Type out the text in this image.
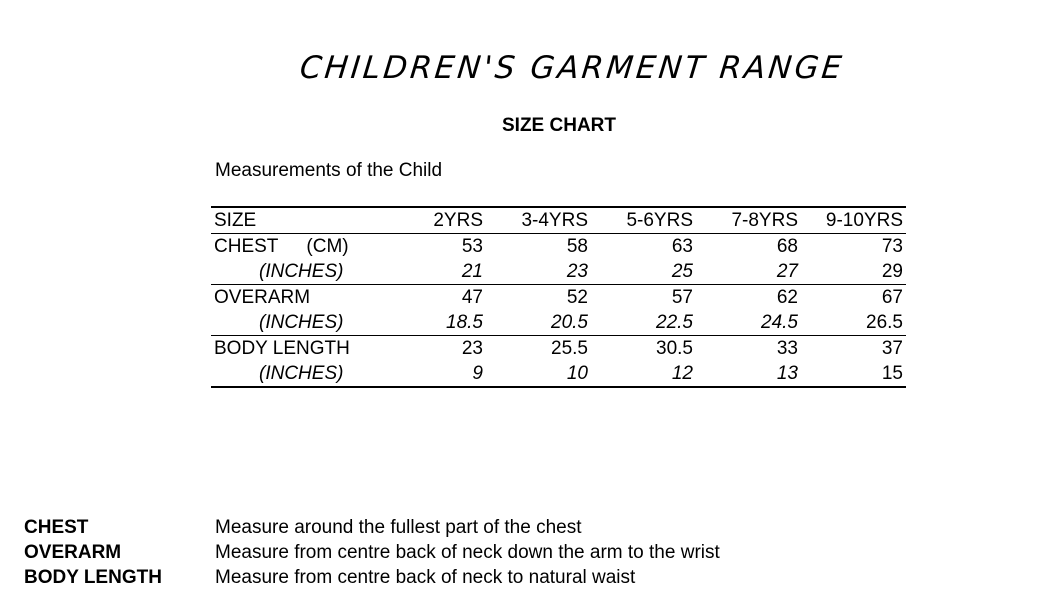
CHILDREN'S GARMENT RANGE
SIZE CHART
Measurements of the Child
SIZE	2YRS	3-4YRS	5-6YRS	7-8YRS	9-10YRS
CHEST (CM)	53	58	63	68	73
(INCHES)	21	23	25	27	29
OVERARM	47	52	57	62	67
(INCHES)	18.5	20.5	22.5	24.5	26.5
BODY LENGTH	23	25.5	30.5	33	37
(INCHES)	9	10	12	13	15
CHEST	Measure around the fullest part of the chest
OVERARM	Measure from centre back of neck down the arm to the wrist
BODY LENGTH	Measure from centre back of neck to natural waist
